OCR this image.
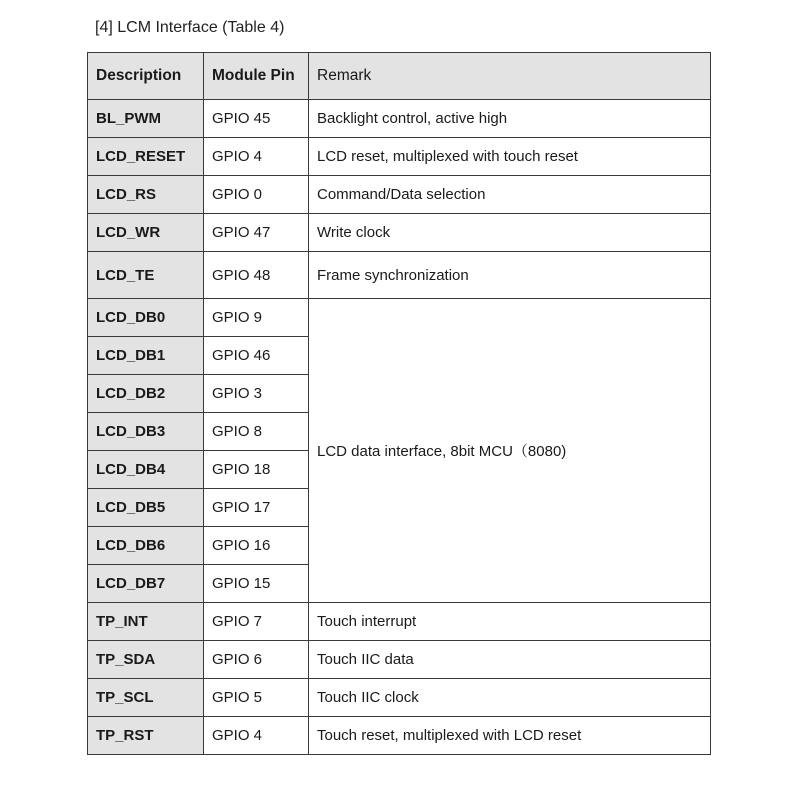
[4] LCM Interface (Table 4)
Description	Module Pin	Remark
BL_PWM	GPIO 45	Backlight control, active high
LCD_RESET	GPIO 4	LCD reset, multiplexed with touch reset
LCD_RS	GPIO 0	Command/Data selection
LCD_WR	GPIO 47	Write clock
LCD_TE	GPIO 48	Frame synchronization
LCD_DB0	GPIO 9	LCD data interface, 8bit MCU（8080)
LCD_DB1	GPIO 46	
LCD_DB2	GPIO 3	
LCD_DB3	GPIO 8	
LCD_DB4	GPIO 18	
LCD_DB5	GPIO 17	
LCD_DB6	GPIO 16	
LCD_DB7	GPIO 15	
TP_INT	GPIO 7	Touch interrupt
TP_SDA	GPIO 6	Touch IIC data
TP_SCL	GPIO 5	Touch IIC clock
TP_RST	GPIO 4	Touch reset, multiplexed with LCD reset
